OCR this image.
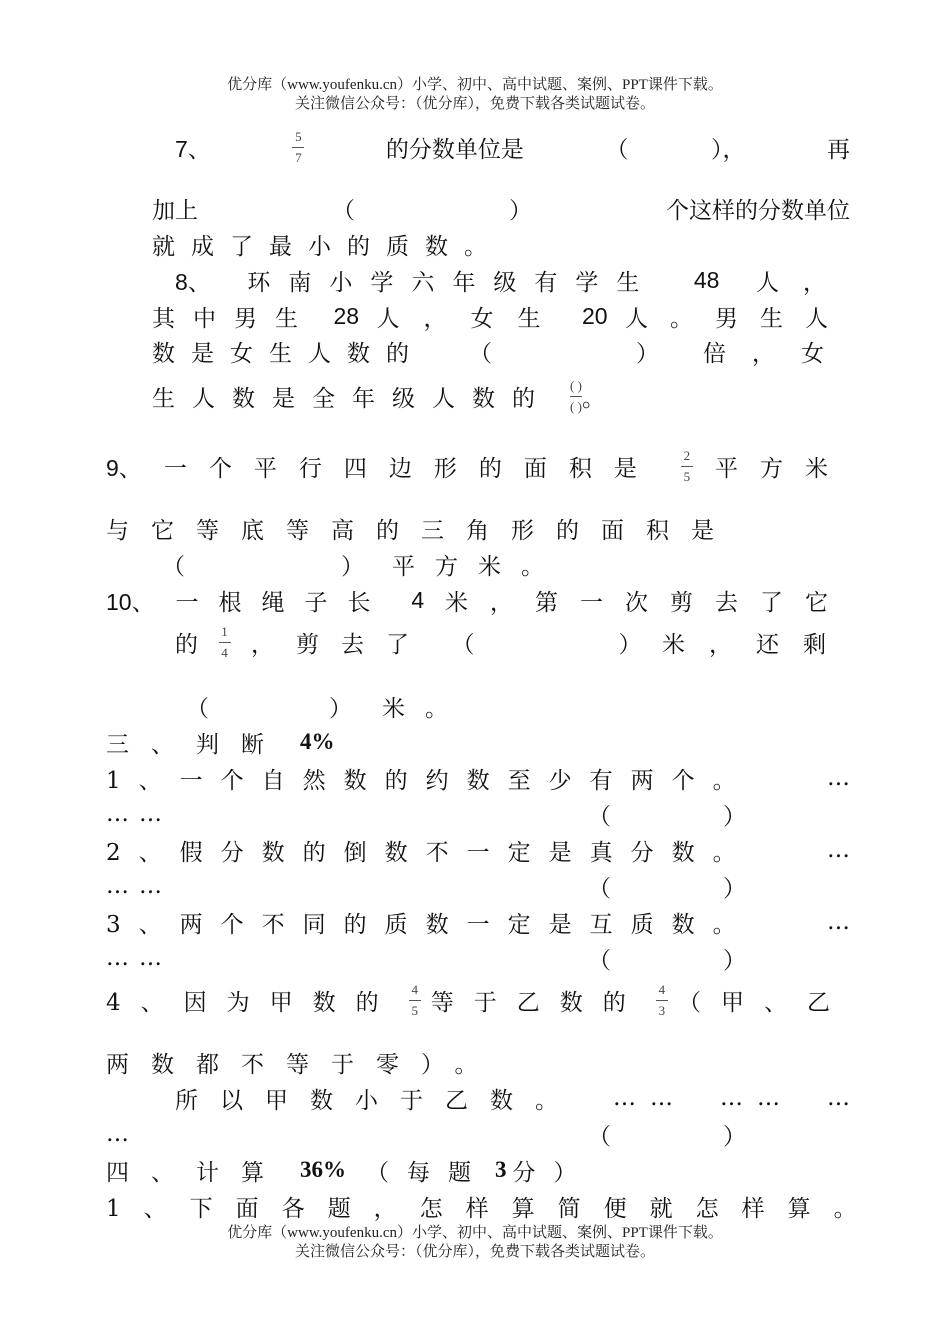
优分库（www.youfenku.cn）小学、初中、高中试题、案例、PPT课件下载。
关注微信公众号：（优分库），免费下载各类试题试卷。
7、	$\frac{5}{7}$	的分数单位是	（	），	再
加上	（	）	个这样的分数单位
就成了最小的质数。
8、 环南小学六年级有学生 48 人，
其中男生 28 人，女生 20 人。男生人
数是女生人数的 （	） 倍，女
生人数是全年级人数的 $\frac{( )}{( )}$ 。
9、 一个平行四边形的面积是 $\frac{2}{5}$ 平方米
与它等底等高的三角形的面积是
（	） 平方米。
10、 一根绳子长 4 米，第一次剪去了它
的 $\frac{1}{4}$ ，剪去了 （	） 米，还剩
（	） 米。
三、判断 4%
1、一个自然数的约数至少有两个。	…
……	（	）
2、假分数的倒数不一定是真分数。	…
……	（	）
3、两个不同的质数一定是互质数。	…
……	（	）
4、因为甲数的 $\frac{4}{5}$ 等于乙数的 $\frac{4}{3}$ （甲、乙
两数都不等于零）。
所以甲数小于乙数。 …… …… …
…	（	）
四、计算 36% （每题 3 分）
1、下面各题，怎样算简便就怎样算。
优分库（www.youfenku.cn）小学、初中、高中试题、案例、PPT课件下载。
关注微信公众号：（优分库），免费下载各类试题试卷。
